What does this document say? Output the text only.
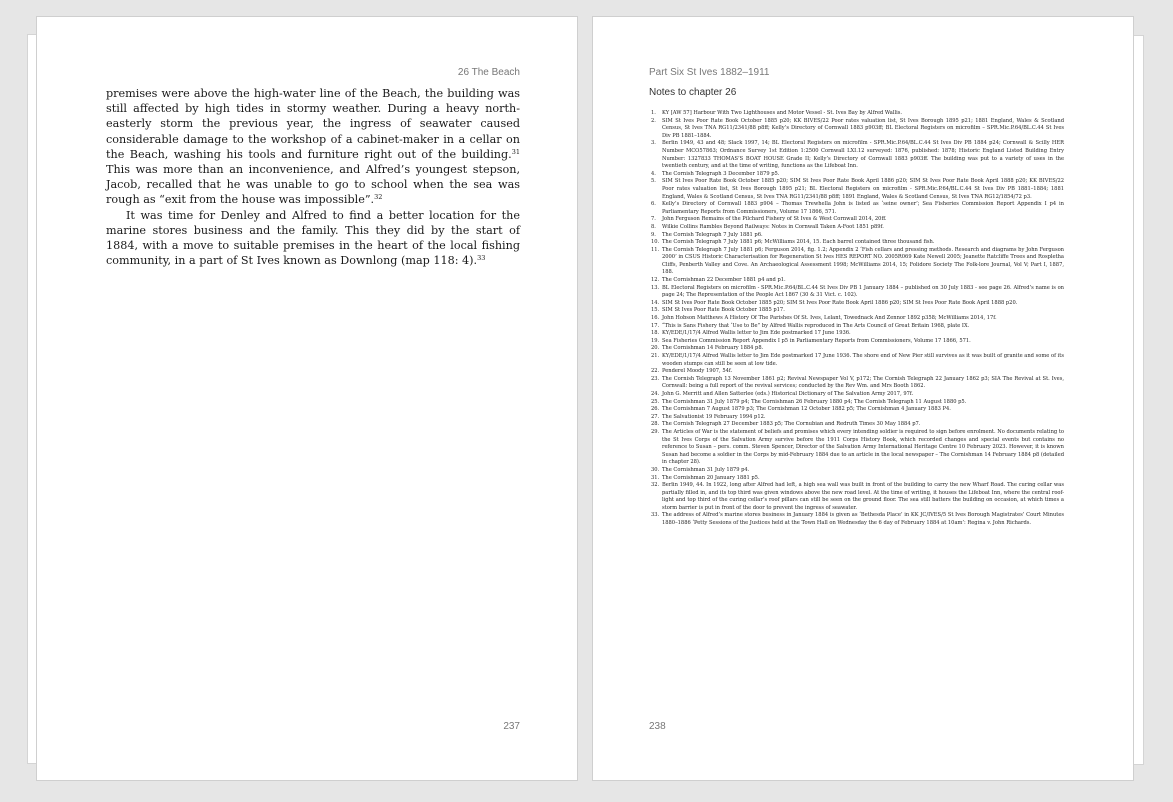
26 The Beach

premises were above the high-water line of the Beach, the building was still affected by high tides in stormy weather. During a heavy north-easterly storm the previous year, the ingress of seawater caused considerable damage to the workshop of a cabinet-maker in a cellar on the Beach, washing his tools and furniture right out of the building.$^{31}$ This was more than an inconvenience, and Alfred’s youngest stepson, Jacob, recalled that he was unable to go to school when the sea was rough as “exit from the house was impossible”.$^{32}$

It was time for Denley and Alfred to find a better location for the marine stores business and the family. This they did by the start of 1884, with a move to suitable premises in the heart of the local fishing community, in a part of St Ives known as Downlong (map 118: 4).$^{33}$

237
Part Six St Ives 1882–1911
Notes to chapter 26
1. KY [AW 57] Harbour With Two Lighthouses and Motor Vessel - St. Ives Bay by Alfred Wallis.
2. SIM St Ives Poor Rate Book October 1885 p20; KK BIVES/22 Poor rates valuation list, St Ives Borough 1895 p21; 1881 England, Wales & Scotland Census, St Ives TNA RG11/2341/88 p8ff; Kelly’s Directory of Cornwall 1883 p903ff; BL Electoral Registers on microfilm – SPR.Mic.P.64/BL.C.44 St Ives Div PB 1881–1884.
3. Berlin 1949, 43 and 48; Slack 1997, 14; BL Electoral Registers on microfilm - SPR.Mic.P.64/BL.C.44 St Ives Div PB 1884 p24; Cornwall & Scilly HER Number MCO57863; Ordnance Survey 1st Edition 1:2500 Cornwall LXI.12 surveyed: 1876, published: 1878; Historic England Listed Building Entry Number: 1327833 THOMAS’S BOAT HOUSE Grade II; Kelly’s Directory of Cornwall 1883 p903ff. The building was put to a variety of uses in the twentieth century, and at the time of writing, functions as the Lifeboat Inn.
4. The Cornish Telegraph 3 December 1879 p5.
5. SIM St Ives Poor Rate Book October 1885 p20; SIM St Ives Poor Rate Book April 1886 p20; SIM St Ives Poor Rate Book April 1888 p20; KK BIVES/22 Poor rates valuation list, St Ives Borough 1895 p21; BL Electoral Registers on microfilm - SPR.Mic.P.64/BL.C.44 St Ives Div PB 1881–1884; 1881 England, Wales & Scotland Census, St Ives TNA RG11/2341/88 p8ff; 1891 England, Wales & Scotland Census, St Ives TNA RG12/1854/72 p3.
6. Kelly’s Directory of Cornwall 1883 p904 – Thomas Trewhella John is listed as ‘seine owner’; Sea Fisheries Commission Report Appendix I p4 in Parliamentary Reports from Commissioners, Volume 17 1866, 571.
7. John Ferguson Remains of the Pilchard Fishery of St Ives & West Cornwall 2014, 20ff.
8. Wilkie Collins Rambles Beyond Railways: Notes in Cornwall Taken A-Foot 1851 p89f.
9. The Cornish Telegraph 7 July 1881 p6.
10. The Cornish Telegraph 7 July 1881 p6; McWilliams 2014, 15. Each barrel contained three thousand fish.
11. The Cornish Telegraph 7 July 1881 p6; Ferguson 2014, fig. 1.2; Appendix 2 ‘Fish cellars and pressing methods. Research and diagrams by John Ferguson 2000’ in CSUS Historic Characterisation for Regeneration St Ives HES REPORT NO. 2005R069 Kate Newell 2005; Jeanette Ratcliffe Trees and Rospletha Cliffs, Penberth Valley and Cove. An Archaeological Assessment 1998; McWilliams 2014, 15; Folidore Society The Folk-lore Journal, Vol V; Part I, 1887, 188.
12. The Cornishman 22 December 1881 p4 and p1.
13. BL Electoral Registers on microfilm - SPR.Mic.P.64/BL.C.44 St Ives Div PB 1 January 1884 – published on 30 July 1883 - see page 26. Alfred’s name is on page 24; The Representation of the People Act 1867 (30 & 31 Vict. c. 102).
14. SIM St Ives Poor Rate Book October 1885 p20; SIM St Ives Poor Rate Book April 1886 p20; SIM St Ives Poor Rate Book April 1888 p20.
15. SIM St Ives Poor Rate Book October 1885 p17.
16. John Hobson Matthews A History Of The Parishes Of St. Ives, Lelant, Towednack And Zennor 1892 p358; McWilliams 2014, 17f.
17. “This is Sans Fishery that ‘Use to Be” by Alfred Wallis reproduced in The Arts Council of Great Britain 1968, plate IX.
18. KY/EDE/1/17/4 Alfred Wallis letter to Jim Ede postmarked 17 June 1936.
19. Sea Fisheries Commission Report Appendix I p5 in Parliamentary Reports from Commissioners, Volume 17 1866, 571.
20. The Cornishman 14 February 1884 p8.
21. KY/EDE/1/17/4 Alfred Wallis letter to Jim Ede postmarked 17 June 1936. The shore end of New Pier still survives as it was built of granite and some of its wooden stumps can still be seen at low tide.
22. Penderel Moody 1907, 54f.
23. The Cornish Telegraph 13 November 1861 p2; Revival Newspaper Vol V, p172; The Cornish Telegraph 22 January 1862 p3; SIA The Revival at St. Ives, Cornwall: being a full report of the revival services; conducted by the Rev Wm. and Mrs Booth 1862.
24. John G. Merritt and Allen Satterlee (eds.) Historical Dictionary of The Salvation Army 2017, 97f.
25. The Cornishman 31 July 1879 p4; The Cornishman 26 February 1880 p4; The Cornish Telegraph 11 August 1880 p5.
26. The Cornishman 7 August 1879 p3; The Cornishman 12 October 1882 p5; The Cornishman 4 January 1883 P4.
27. The Salvationist 19 February 1994 p12.
28. The Cornish Telegraph 27 December 1883 p5; The Cornubian and Redruth Times 30 May 1884 p7.
29. The Articles of War is the statement of beliefs and promises which every intending soldier is required to sign before enrolment. No documents relating to the St Ives Corps of the Salvation Army survive before the 1911 Corps History Book, which recorded changes and special events but contains no reference to Susan – pers. comm. Steven Spencer, Director of the Salvation Army International Heritage Centre 10 February 2023. However, it is known Susan had become a soldier in the Corps by mid-February 1884 due to an article in the local newspaper – The Cornishman 14 February 1884 p8 (detailed in chapter 28).
30. The Cornishman 31 July 1879 p4.
31. The Cornishman 20 January 1881 p5.
32. Berlin 1949, 44. In 1922, long after Alfred had left, a high sea wall was built in front of the building to carry the new Wharf Road. The curing cellar was partially filled in, and its top third was given windows above the new road level. At the time of writing, it houses the Lifeboat Inn, where the central roof-light and top third of the curing cellar’s roof pillars can still be seen on the ground floor. The sea still batters the building on occasion, at which times a storm barrier is put in front of the door to prevent the ingress of seawater.
33. The address of Alfred’s marine stores business in January 1884 is given as ‘Bethesda Place’ in KK JC/IVES/5 St Ives Borough Magistrates’ Court Minutes 1880–1886 ‘Petty Sessions of the Justices held at the Town Hall on Wednesday the 6 day of February 1884 at 10am’: Regina v. John Richards.
238
